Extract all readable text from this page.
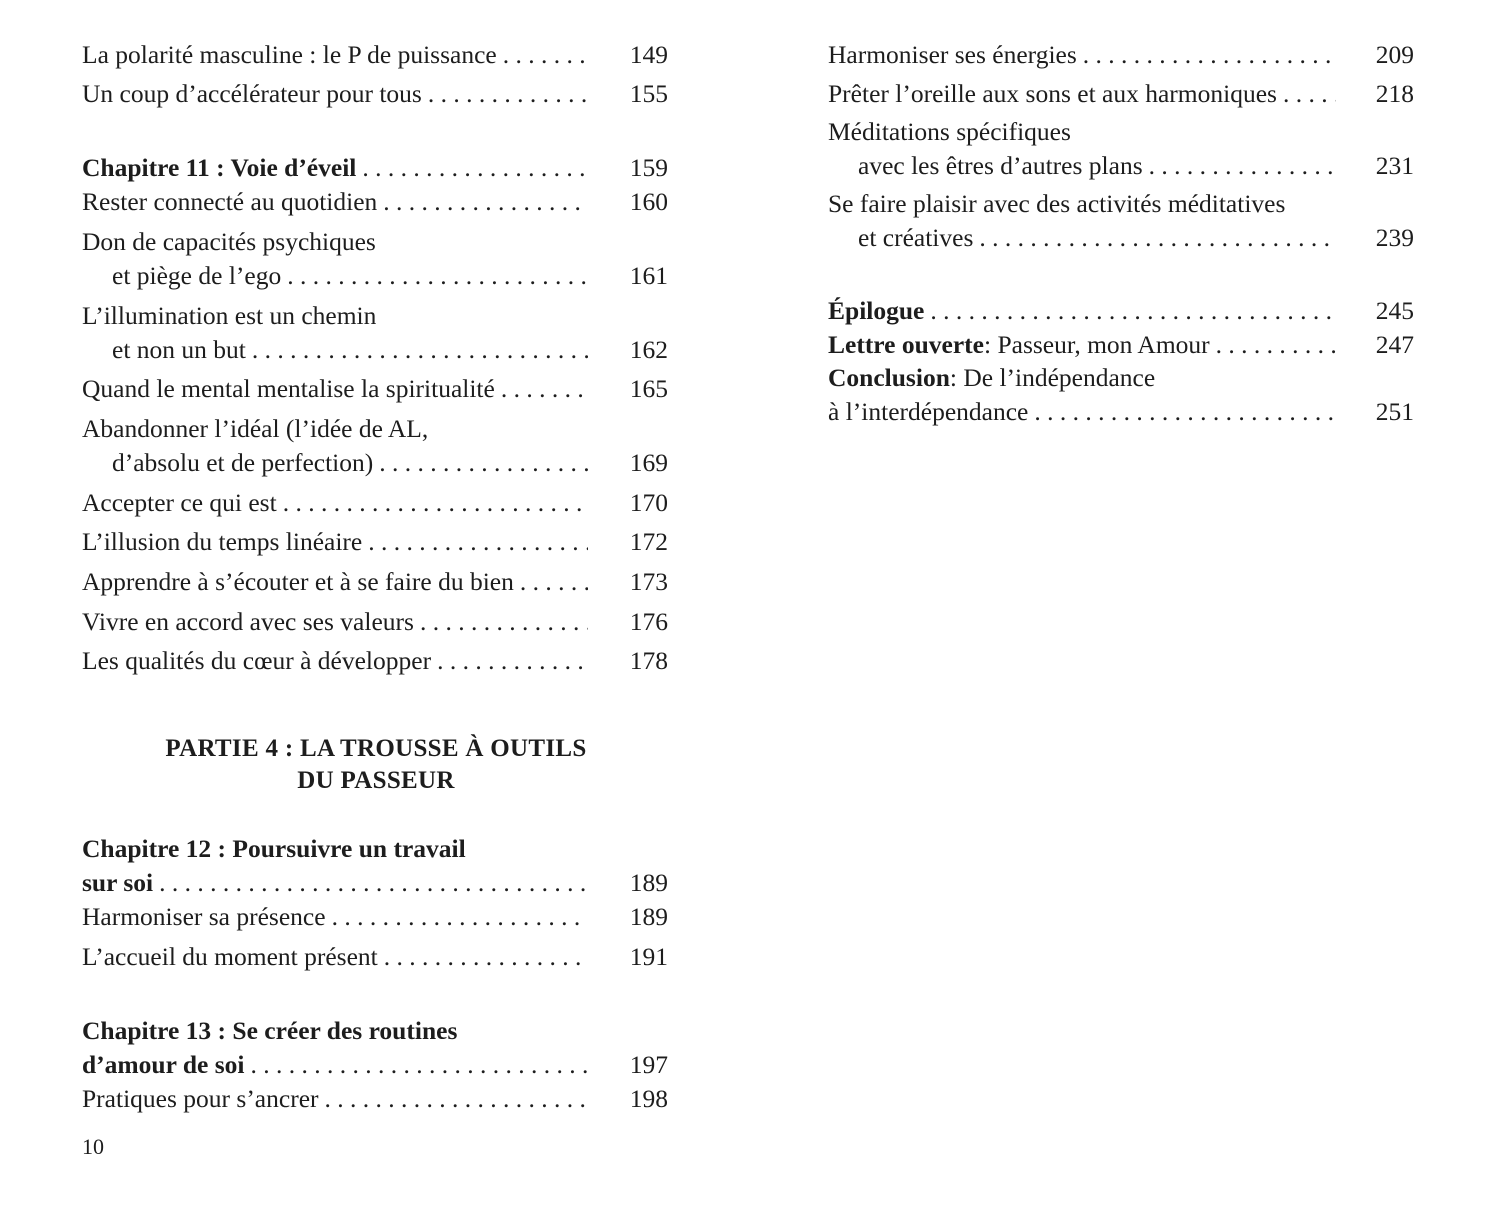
La polarité masculine : le P de puissance . . .	149
Un coup d’accélérateur pour tous . . .	155
Chapitre 11 : Voie d’éveil . . .	159
Rester connecté au quotidien . . .	160
Don de capacités psychiques
et piège de l’ego . . .	161
L’illumination est un chemin
et non un but . . .	162
Quand le mental mentalise la spiritualité . . .	165
Abandonner l’idéal (l’idée de AL,
d’absolu et de perfection) . . .	169
Accepter ce qui est . . .	170
L’illusion du temps linéaire . . .	172
Apprendre à s’écouter et à se faire du bien . . .	173
Vivre en accord avec ses valeurs . . .	176
Les qualités du cœur à développer . . .	178
PARTIE 4 : LA TROUSSE À OUTILS
DU PASSEUR
Chapitre 12 : Poursuivre un travail
sur soi . . .	189
Harmoniser sa présence . . .	189
L’accueil du moment présent . . .	191
Chapitre 13 : Se créer des routines
d’amour de soi . . .	197
Pratiques pour s’ancrer . . .	198
Harmoniser ses énergies . . .	209
Prêter l’oreille aux sons et aux harmoniques . . .	218
Méditations spécifiques
avec les êtres d’autres plans . . .	231
Se faire plaisir avec des activités méditatives
et créatives . . .	239
Épilogue . . .	245
Lettre ouverte : Passeur, mon Amour . . .	247
Conclusion : De l’indépendance
à l’interdépendance . . .	251
10
